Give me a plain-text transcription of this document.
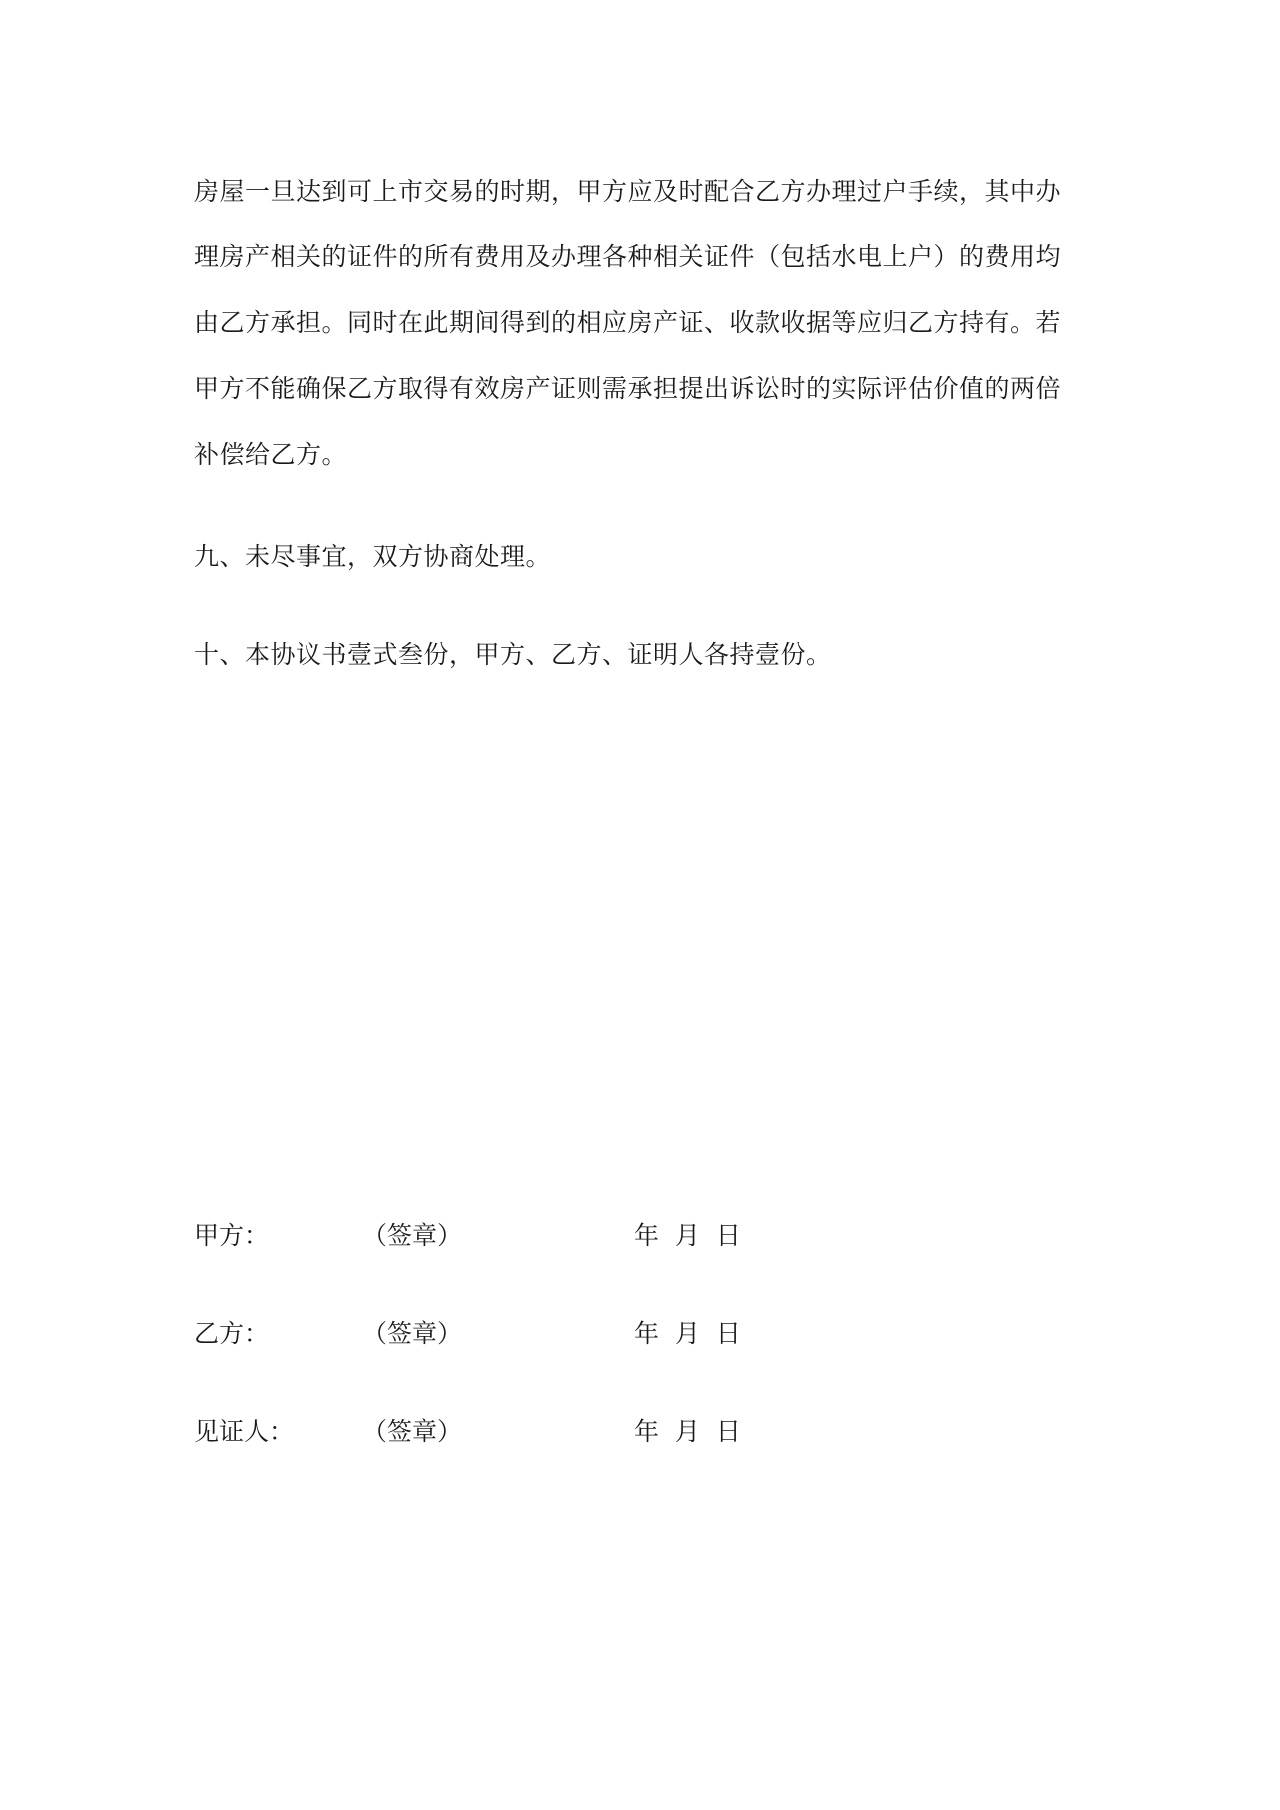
房屋一旦达到可上市交易的时期，甲方应及时配合乙方办理过户手续，其中办
理房产相关的证件的所有费用及办理各种相关证件（包括水电上户）的费用均
由乙方承担。同时在此期间得到的相应房产证、收款收据等应归乙方持有。若
甲方不能确保乙方取得有效房产证则需承担提出诉讼时的实际评估价值的两倍
补偿给乙方。
九、未尽事宜，双方协商处理。
十、本协议书壹式叁份，甲方、乙方、证明人各持壹份。
甲方：	（签章）	年 月 日
乙方：	（签章）	年 月 日
见证人：	（签章）	年 月 日
